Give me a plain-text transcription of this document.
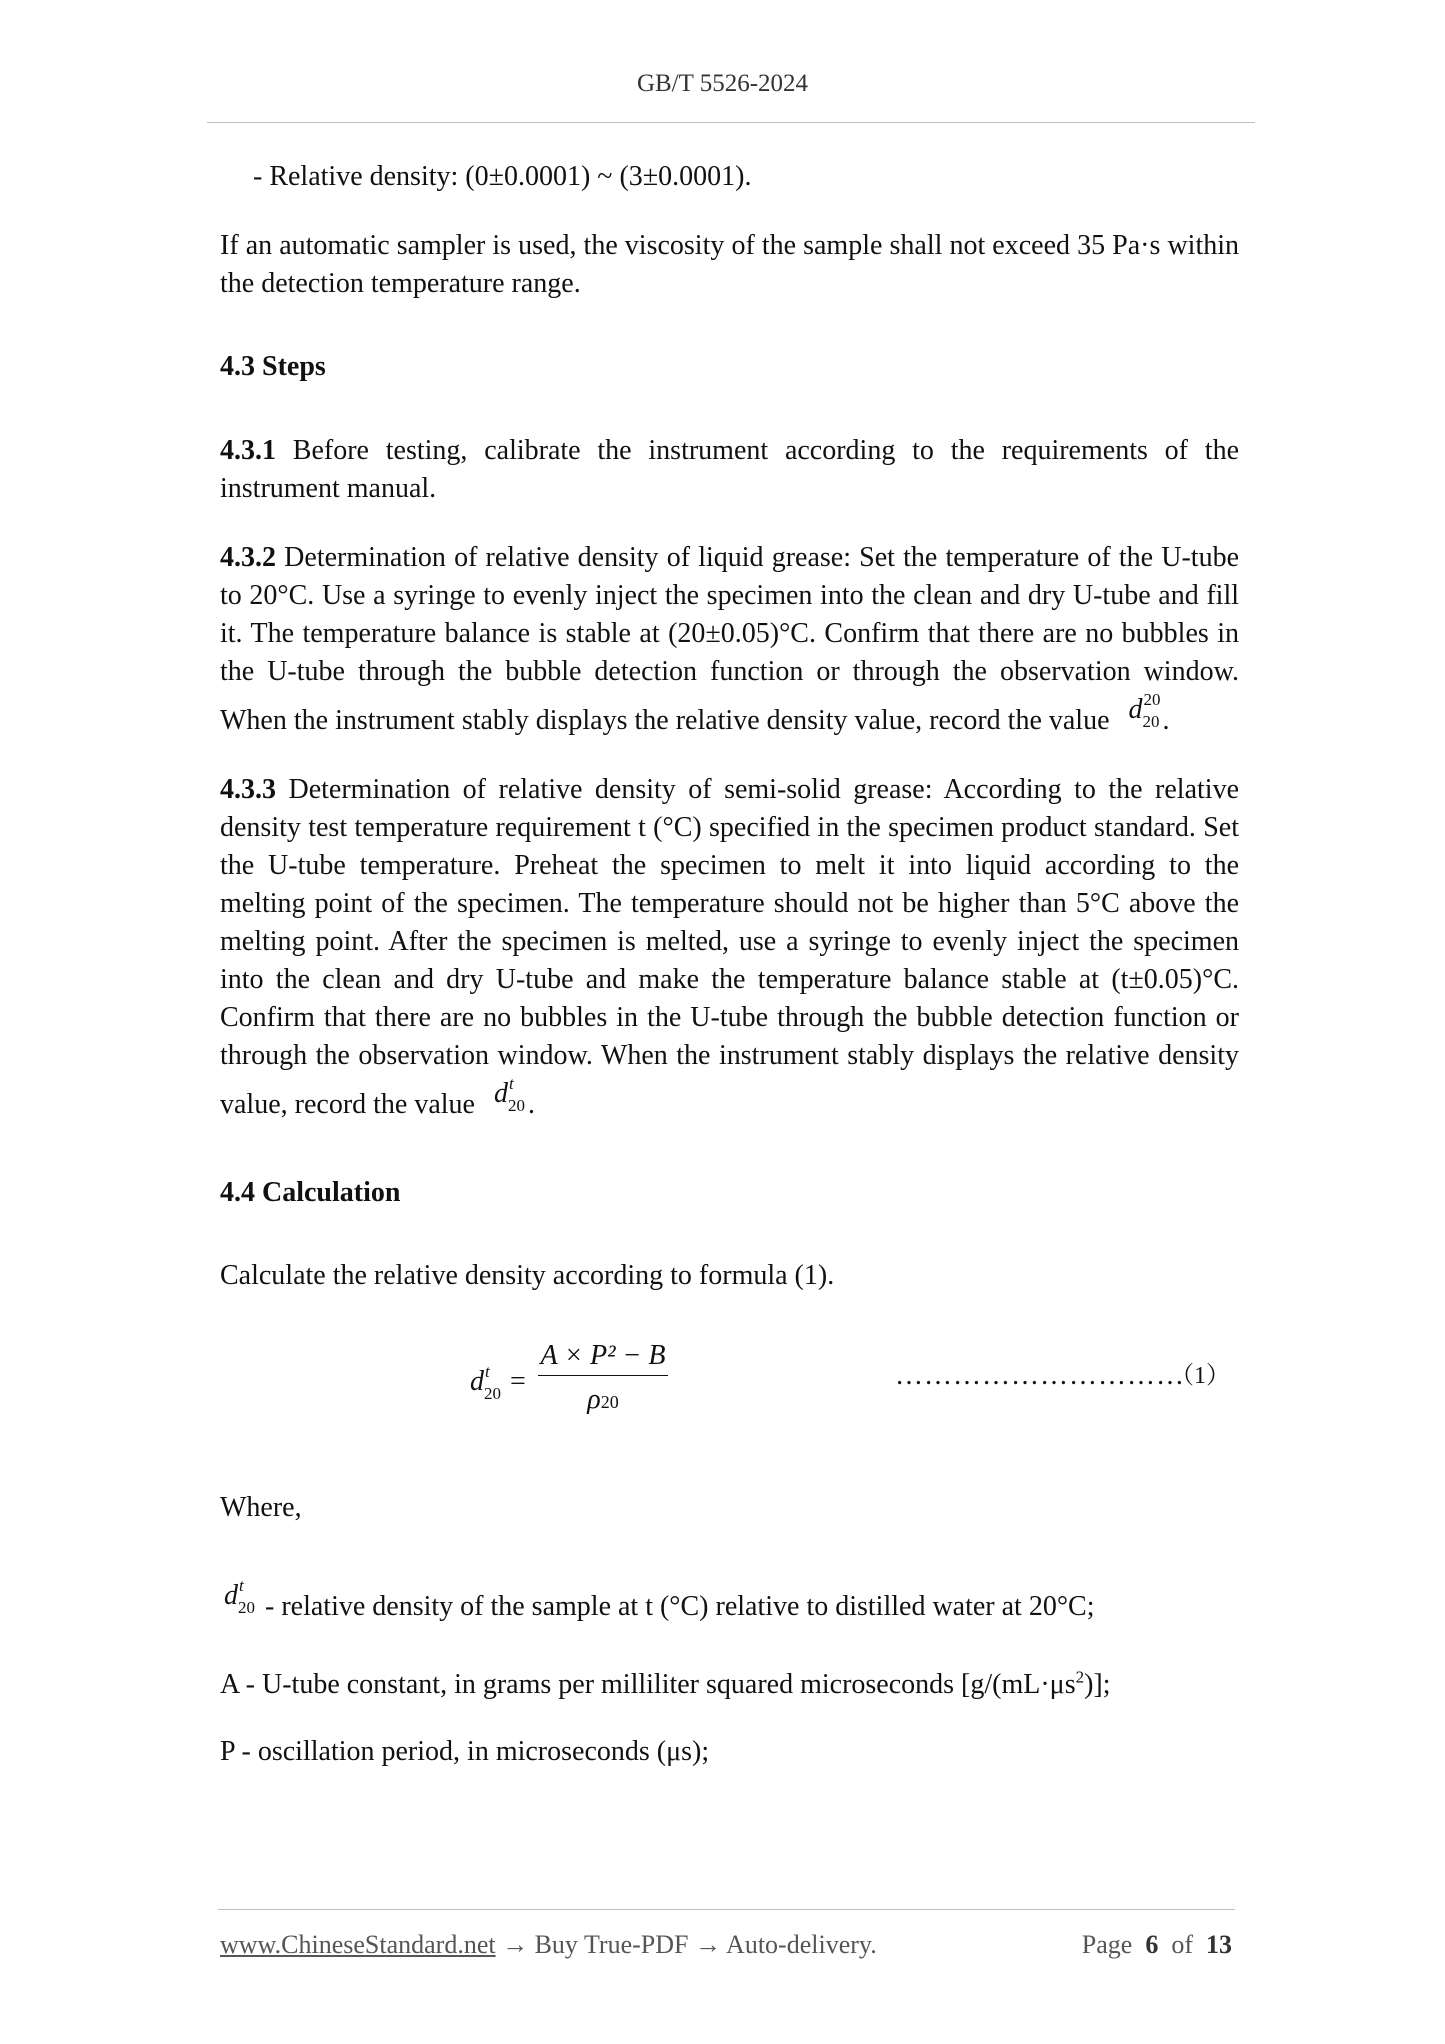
GB/T 5526-2024

- Relative density: (0±0.0001) ~ (3±0.0001).

If an automatic sampler is used, the viscosity of the sample shall not exceed 35 Pa·s within the detection temperature range.

4.3 Steps

4.3.1 Before testing, calibrate the instrument according to the requirements of the instrument manual.

4.3.2 Determination of relative density of liquid grease: Set the temperature of the U-tube to 20°C. Use a syringe to evenly inject the specimen into the clean and dry U-tube and fill it. The temperature balance is stable at (20±0.05)°C. Confirm that there are no bubbles in the U-tube through the bubble detection function or through the observation window. When the instrument stably displays the relative density value, record the value d 20
20 .

4.3.3 Determination of relative density of semi-solid grease: According to the relative density test temperature requirement t (°C) specified in the specimen product standard. Set the U-tube temperature. Preheat the specimen to melt it into liquid according to the melting point of the specimen. The temperature should not be higher than 5°C above the melting point. After the specimen is melted, use a syringe to evenly inject the specimen into the clean and dry U-tube and make the temperature balance stable at (t±0.05)°C. Confirm that there are no bubbles in the U-tube through the bubble detection function or through the observation window. When the instrument stably displays the relative density value, record the value d t
20 .

4.4 Calculation

Calculate the relative density according to formula (1).

d t
20 =
A × P² − B
ρ20
…………………………
（1）

Where,

d t
20 - relative density of the sample at t (°C) relative to distilled water at 20°C;

A - U-tube constant, in grams per milliliter squared microseconds $[g/(mL\cdot\mu s^2)]$;

P - oscillation period, in microseconds (μs);

www.ChineseStandard.net → Buy True-PDF → Auto-delivery.	Page 6 of 13
